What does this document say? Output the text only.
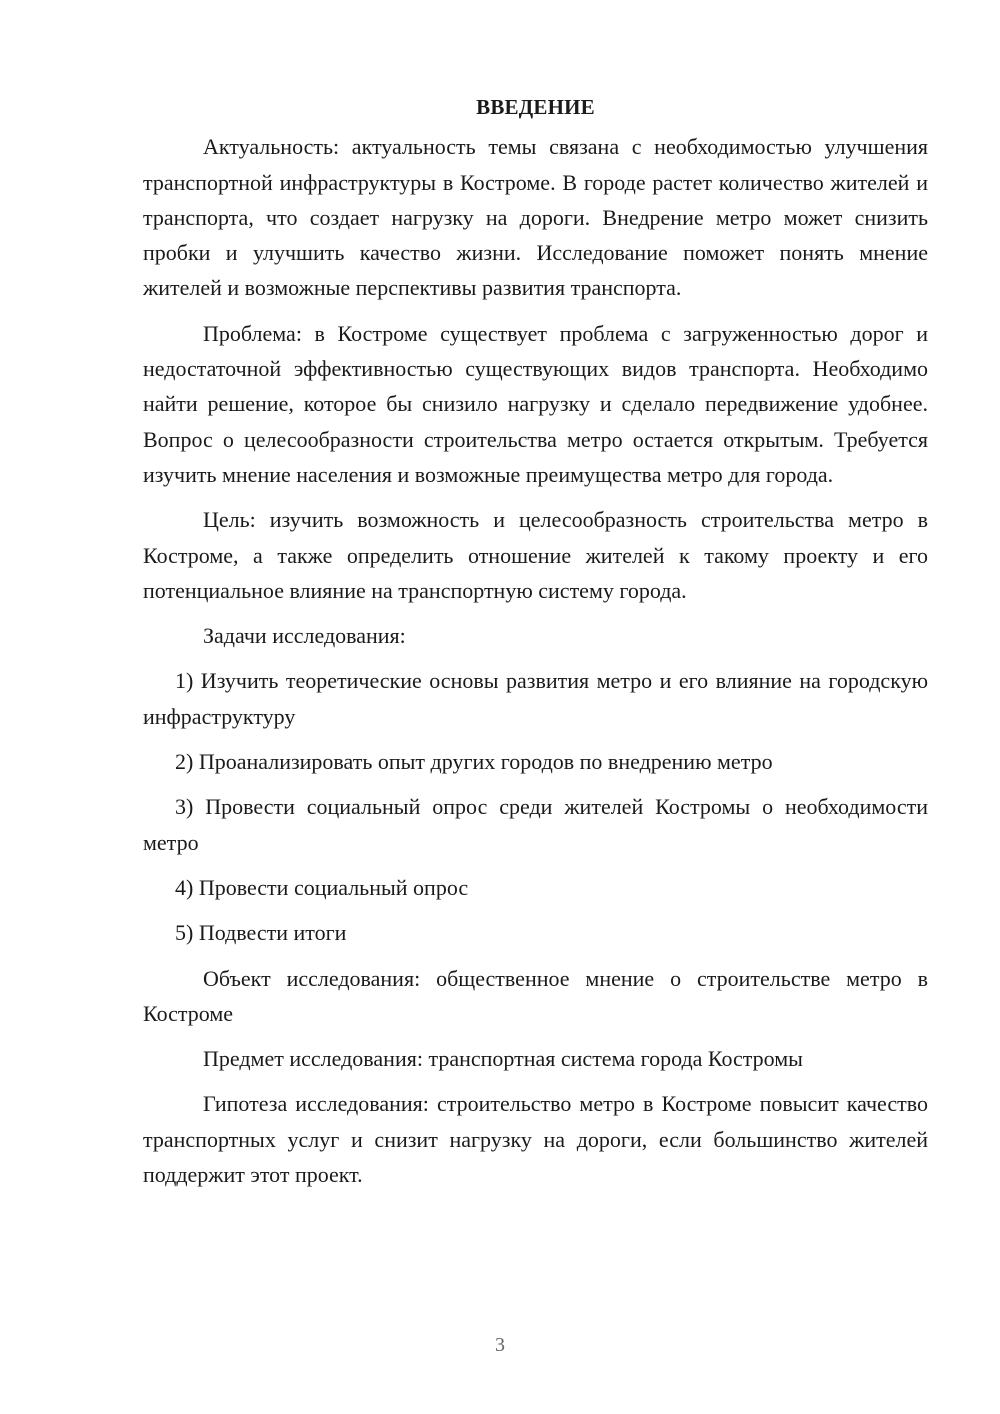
ВВЕДЕНИЕ

Актуальность: актуальность темы связана с необходимостью улучшения транспортной инфраструктуры в Костроме. В городе растет количество жителей и транспорта, что создает нагрузку на дороги. Внедрение метро может снизить пробки и улучшить качество жизни. Исследование поможет понять мнение жителей и возможные перспективы развития транспорта.

Проблема: в Костроме существует проблема с загруженностью дорог и недостаточной эффективностью существующих видов транспорта. Необходимо найти решение, которое бы снизило нагрузку и сделало передвижение удобнее. Вопрос о целесообразности строительства метро остается открытым. Требуется изучить мнение населения и возможные преимущества метро для города.

Цель: изучить возможность и целесообразность строительства метро в Костроме, а также определить отношение жителей к такому проекту и его потенциальное влияние на транспортную систему города.

Задачи исследования:

1) Изучить теоретические основы развития метро и его влияние на городскую инфраструктуру

2) Проанализировать опыт других городов по внедрению метро

3) Провести социальный опрос среди жителей Костромы о необходимости метро

4) Провести социальный опрос

5) Подвести итоги

Объект исследования: общественное мнение о строительстве метро в Костроме

Предмет исследования: транспортная система города Костромы

Гипотеза исследования: строительство метро в Костроме повысит качество транспортных услуг и снизит нагрузку на дороги, если большинство жителей поддержит этот проект.

3
